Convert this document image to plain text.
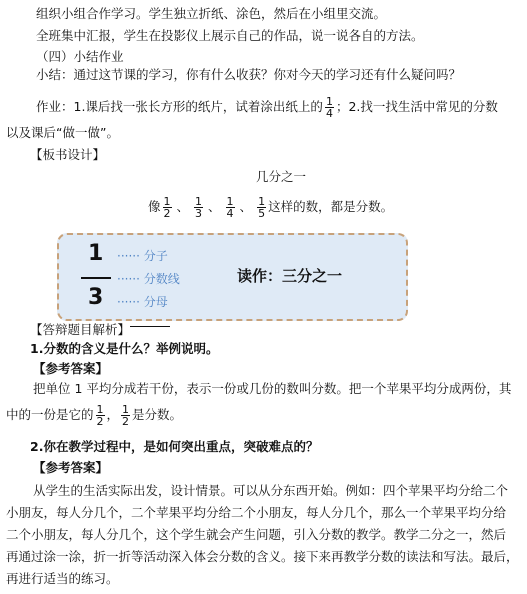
组织小组合作学习。学生独立折纸、涂色，然后在小组里交流。
全班集中汇报，学生在投影仪上展示自己的作品，说一说各自的方法。
（四）小结作业
小结：通过这节课的学习，你有什么收获？你对今天的学习还有什么疑问吗？
作业：1.课后找一张长方形的纸片，试着涂出纸上的 $\frac{1}{4}$ ；2.找一找生活中常见的分数
以及课后“做一做”。
【板书设计】
几分之一
像 $\frac{1}{2}$ 、 $\frac{1}{3}$ 、 $\frac{1}{4}$ 、 $\frac{1}{5}$ 这样的数，都是分数。
1
3
······ 分子
······ 分数线
······ 分母
读作：三分之一
【答辩题目解析】
1.分数的含义是什么？举例说明。
【参考答案】
把单位 1 平均分成若干份，表示一份或几份的数叫分数。把一个苹果平均分成两份，其
中的一份是它的 $\frac{1}{2}$ ， $\frac{1}{2}$ 是分数。
2.你在教学过程中，是如何突出重点，突破难点的？
【参考答案】
从学生的生活实际出发，设计情景。可以从分东西开始。例如：四个苹果平均分给二个
小朋友，每人分几个，二个苹果平均分给二个小朋友，每人分几个，那么一个苹果平均分给
二个小朋友，每人分几个，这个学生就会产生问题，引入分数的教学。教学二分之一，然后
再通过涂一涂，折一折等活动深入体会分数的含义。接下来再教学分数的读法和写法。最后，
再进行适当的练习。
